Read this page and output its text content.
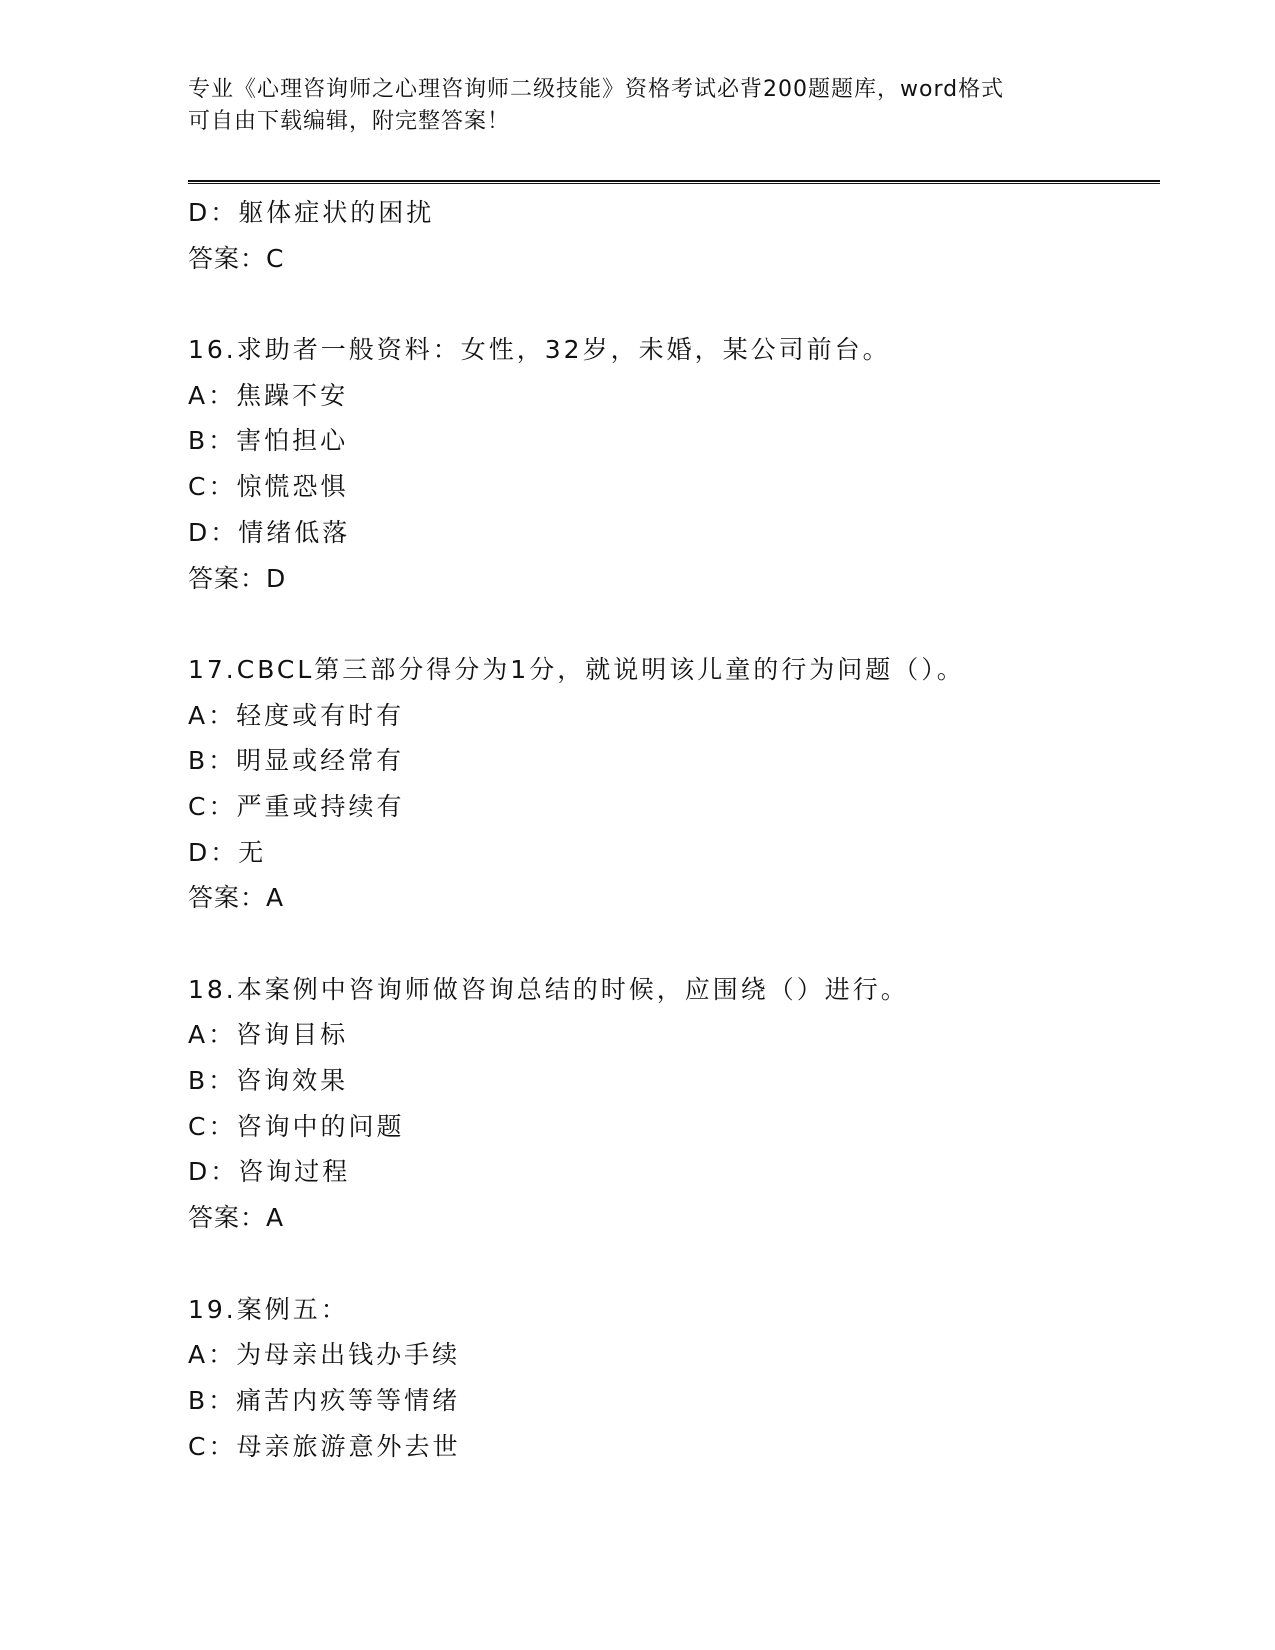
专业《心理咨询师之心理咨询师二级技能》资格考试必背200题题库，word格式
可自由下载编辑，附完整答案！
D：躯体症状的困扰
答案：C
16.求助者一般资料：女性，32岁，未婚，某公司前台。
A：焦躁不安
B：害怕担心
C：惊慌恐惧
D：情绪低落
答案：D
17.CBCL第三部分得分为1分，就说明该儿童的行为问题（）。
A：轻度或有时有
B：明显或经常有
C：严重或持续有
D：无
答案：A
18.本案例中咨询师做咨询总结的时候，应围绕（）进行。
A：咨询目标
B：咨询效果
C：咨询中的问题
D：咨询过程
答案：A
19.案例五：
A：为母亲出钱办手续
B：痛苦内疚等等情绪
C：母亲旅游意外去世
